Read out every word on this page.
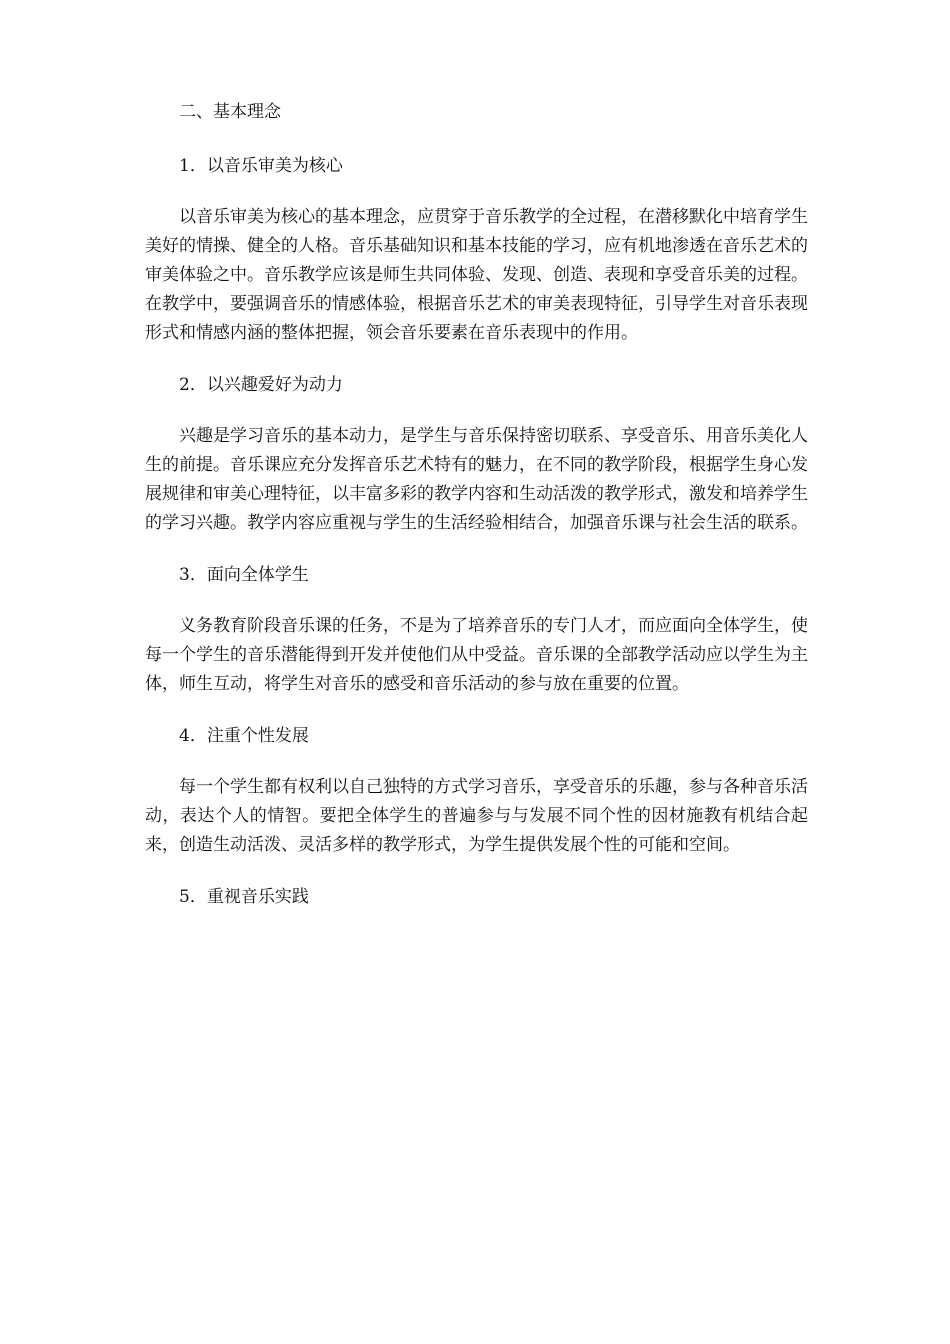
二、基本理念

1．以音乐审美为核心

以音乐审美为核心的基本理念，应贯穿于音乐教学的全过程，在潜移默化中培育学生美好的情操、健全的人格。音乐基础知识和基本技能的学习，应有机地渗透在音乐艺术的审美体验之中。音乐教学应该是师生共同体验、发现、创造、表现和享受音乐美的过程。在教学中，要强调音乐的情感体验，根据音乐艺术的审美表现特征，引导学生对音乐表现形式和情感内涵的整体把握，领会音乐要素在音乐表现中的作用。

2．以兴趣爱好为动力

兴趣是学习音乐的基本动力，是学生与音乐保持密切联系、享受音乐、用音乐美化人生的前提。音乐课应充分发挥音乐艺术特有的魅力，在不同的教学阶段，根据学生身心发展规律和审美心理特征，以丰富多彩的教学内容和生动活泼的教学形式，激发和培养学生的学习兴趣。教学内容应重视与学生的生活经验相结合，加强音乐课与社会生活的联系。

3．面向全体学生

义务教育阶段音乐课的任务，不是为了培养音乐的专门人才，而应面向全体学生，使每一个学生的音乐潜能得到开发并使他们从中受益。音乐课的全部教学活动应以学生为主体，师生互动，将学生对音乐的感受和音乐活动的参与放在重要的位置。

4．注重个性发展

每一个学生都有权利以自己独特的方式学习音乐，享受音乐的乐趣，参与各种音乐活动，表达个人的情智。要把全体学生的普遍参与与发展不同个性的因材施教有机结合起来，创造生动活泼、灵活多样的教学形式，为学生提供发展个性的可能和空间。

5．重视音乐实践
